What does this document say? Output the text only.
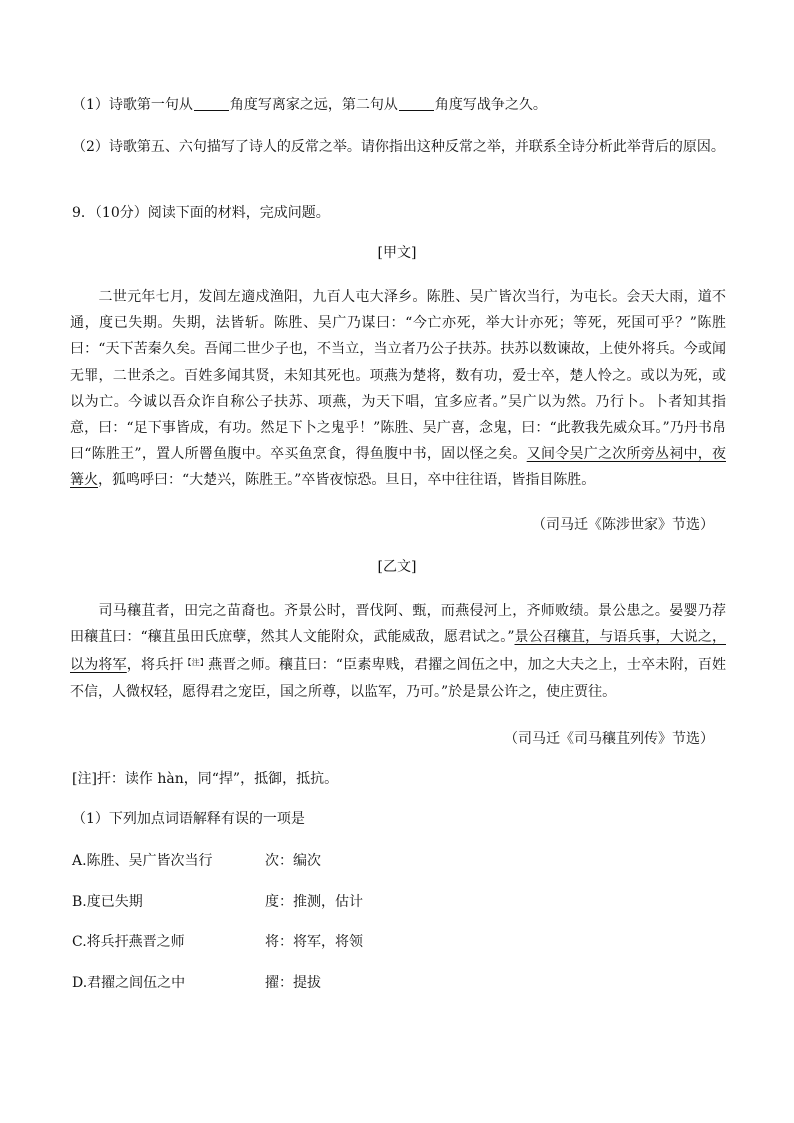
（1）诗歌第一句从	角度写离家之远，第二句从	角度写战争之久。
（2）诗歌第五、六句描写了诗人的反常之举。请你指出这种反常之举，并联系全诗分析此举背后的原因。
9．（10分）阅读下面的材料，完成问题。
[甲文]

　　二世元年七月，发闾左適戍渔阳，九百人屯大泽乡。陈胜、吴广皆次当行，为屯长。会天大雨，道不通，度已失期。失期，法皆斩。陈胜、吴广乃谋曰：“今亡亦死，举大计亦死；等死，死国可乎？”陈胜曰：“天下苦秦久矣。吾闻二世少子也，不当立，当立者乃公子扶苏。扶苏以数谏故，上使外将兵。今或闻无罪，二世杀之。百姓多闻其贤，未知其死也。项燕为楚将，数有功，爱士卒，楚人怜之。或以为死，或以为亡。今诚以吾众诈自称公子扶苏、项燕，为天下唱，宜多应者。”吴广以为然。乃行卜。卜者知其指意，曰：“足下事皆成，有功。然足下卜之鬼乎！”陈胜、吴广喜，念鬼，曰：“此教我先威众耳。”乃丹书帛曰“陈胜王”，置人所罾鱼腹中。卒买鱼烹食，得鱼腹中书，固以怪之矣。又间令吴广之次所旁丛祠中，夜篝火，狐鸣呼曰：“大楚兴，陈胜王。”卒皆夜惊恐。旦日，卒中往往语，皆指目陈胜。

（司马迁《陈涉世家》节选）
[乙文]

　　司马穰苴者，田完之苗裔也。齐景公时，晋伐阿、甄，而燕侵河上，齐师败绩。景公患之。晏婴乃荐田穰苴曰：“穰苴虽田氏庶孽，然其人文能附众，武能威敌，愿君试之。”景公召穰苴，与语兵事，大说之，以为将军，将兵扞$^{【注】}$燕晋之师。穰苴曰：“臣素卑贱，君擢之闾伍之中，加之大夫之上，士卒未附，百姓不信，人微权轻，愿得君之宠臣，国之所尊，以监军，乃可。”於是景公许之，使庄贾往。

（司马迁《司马穰苴列传》节选）
[注]扞：读作 hàn，同“捍”，抵御，抵抗。
（1）下列加点词语解释有误的一项是
A.陈胜、吴广皆次当行	次：编次
B.度已失期	度：推测，估计
C.将兵扞燕晋之师	将：将军，将领
D.君擢之闾伍之中	擢：提拔
